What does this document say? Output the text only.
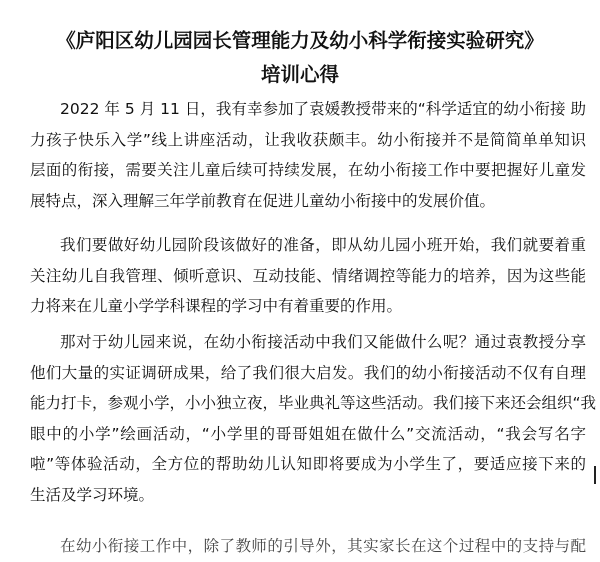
《庐阳区幼儿园园长管理能力及幼小科学衔接实验研究》
培训心得

2022 年 5 月 11 日，我有幸参加了袁媛教授带来的“科学适宜的幼小衔接 助
力孩子快乐入学”线上讲座活动，让我收获颇丰。幼小衔接并不是简简单单知识
层面的衔接，需要关注儿童后续可持续发展，在幼小衔接工作中要把握好儿童发
展特点，深入理解三年学前教育在促进儿童幼小衔接中的发展价值。

我们要做好幼儿园阶段该做好的准备，即从幼儿园小班开始，我们就要着重
关注幼儿自我管理、倾听意识、互动技能、情绪调控等能力的培养，因为这些能
力将来在儿童小学学科课程的学习中有着重要的作用。

那对于幼儿园来说，在幼小衔接活动中我们又能做什么呢？通过袁教授分享
他们大量的实证调研成果，给了我们很大启发。我们的幼小衔接活动不仅有自理
能力打卡，参观小学，小小独立夜，毕业典礼等这些活动。我们接下来还会组织“我
眼中的小学”绘画活动，“小学里的哥哥姐姐在做什么”交流活动，“我会写名字
啦”等体验活动，全方位的帮助幼儿认知即将要成为小学生了，要适应接下来的
生活及学习环境。

在幼小衔接工作中，除了教师的引导外，其实家长在这个过程中的支持与配
